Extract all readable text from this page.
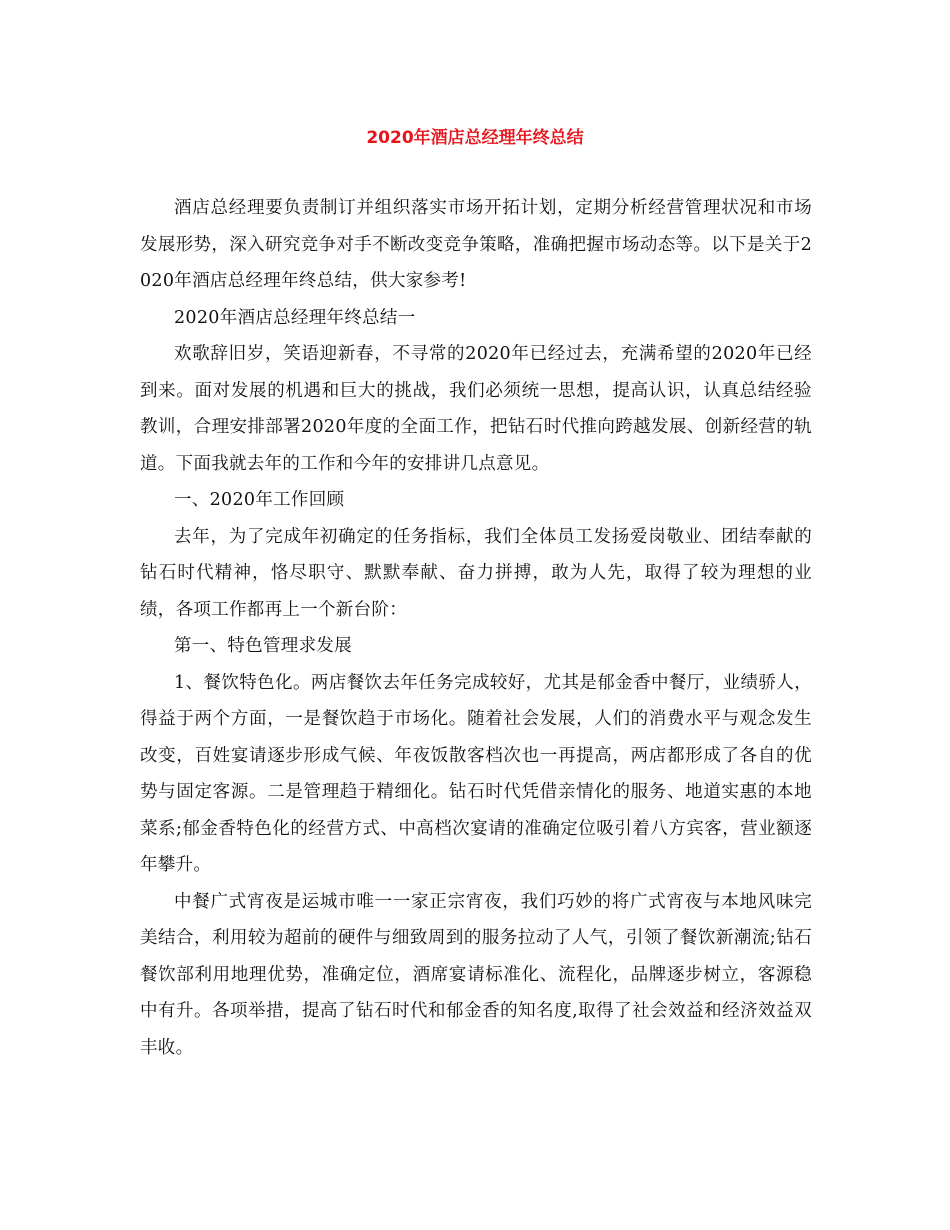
2020年酒店总经理年终总结

酒店总经理要负责制订并组织落实市场开拓计划，定期分析经营管理状况和市场发展形势，深入研究竞争对手不断改变竞争策略，准确把握市场动态等。以下是关于2020年酒店总经理年终总结，供大家参考!

2020年酒店总经理年终总结一

欢歌辞旧岁，笑语迎新春，不寻常的2020年已经过去，充满希望的2020年已经到来。面对发展的机遇和巨大的挑战，我们必须统一思想，提高认识，认真总结经验教训，合理安排部署2020年度的全面工作，把钻石时代推向跨越发展、创新经营的轨道。下面我就去年的工作和今年的安排讲几点意见。

一、2020年工作回顾

去年，为了完成年初确定的任务指标，我们全体员工发扬爱岗敬业、团结奉献的钻石时代精神，恪尽职守、默默奉献、奋力拼搏，敢为人先，取得了较为理想的业绩，各项工作都再上一个新台阶：

第一、特色管理求发展

1、餐饮特色化。两店餐饮去年任务完成较好，尤其是郁金香中餐厅，业绩骄人，得益于两个方面，一是餐饮趋于市场化。随着社会发展，人们的消费水平与观念发生改变，百姓宴请逐步形成气候、年夜饭散客档次也一再提高，两店都形成了各自的优势与固定客源。二是管理趋于精细化。钻石时代凭借亲情化的服务、地道实惠的本地菜系;郁金香特色化的经营方式、中高档次宴请的准确定位吸引着八方宾客，营业额逐年攀升。

中餐广式宵夜是运城市唯一一家正宗宵夜，我们巧妙的将广式宵夜与本地风味完美结合，利用较为超前的硬件与细致周到的服务拉动了人气，引领了餐饮新潮流;钻石餐饮部利用地理优势，准确定位，酒席宴请标准化、流程化，品牌逐步树立，客源稳中有升。各项举措，提高了钻石时代和郁金香的知名度,取得了社会效益和经济效益双丰收。
